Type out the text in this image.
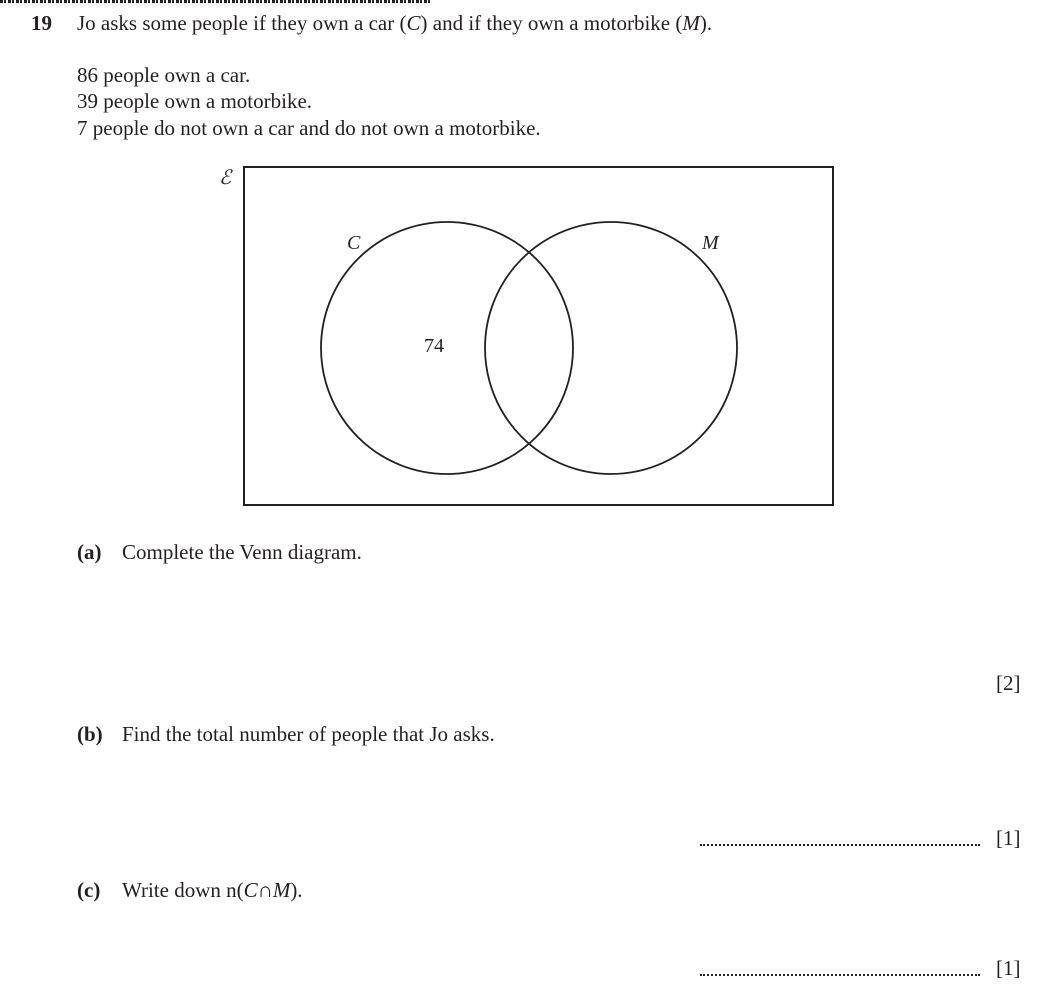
19 Jo asks some people if they own a car (C) and if they own a motorbike (M).
86 people own a car.
39 people own a motorbike.
7 people do not own a car and do not own a motorbike.
ℰ
C	M
74
(a) Complete the Venn diagram.
[2]
(b) Find the total number of people that Jo asks.
[1]
(c) Write down n(C∩M).
[1]
